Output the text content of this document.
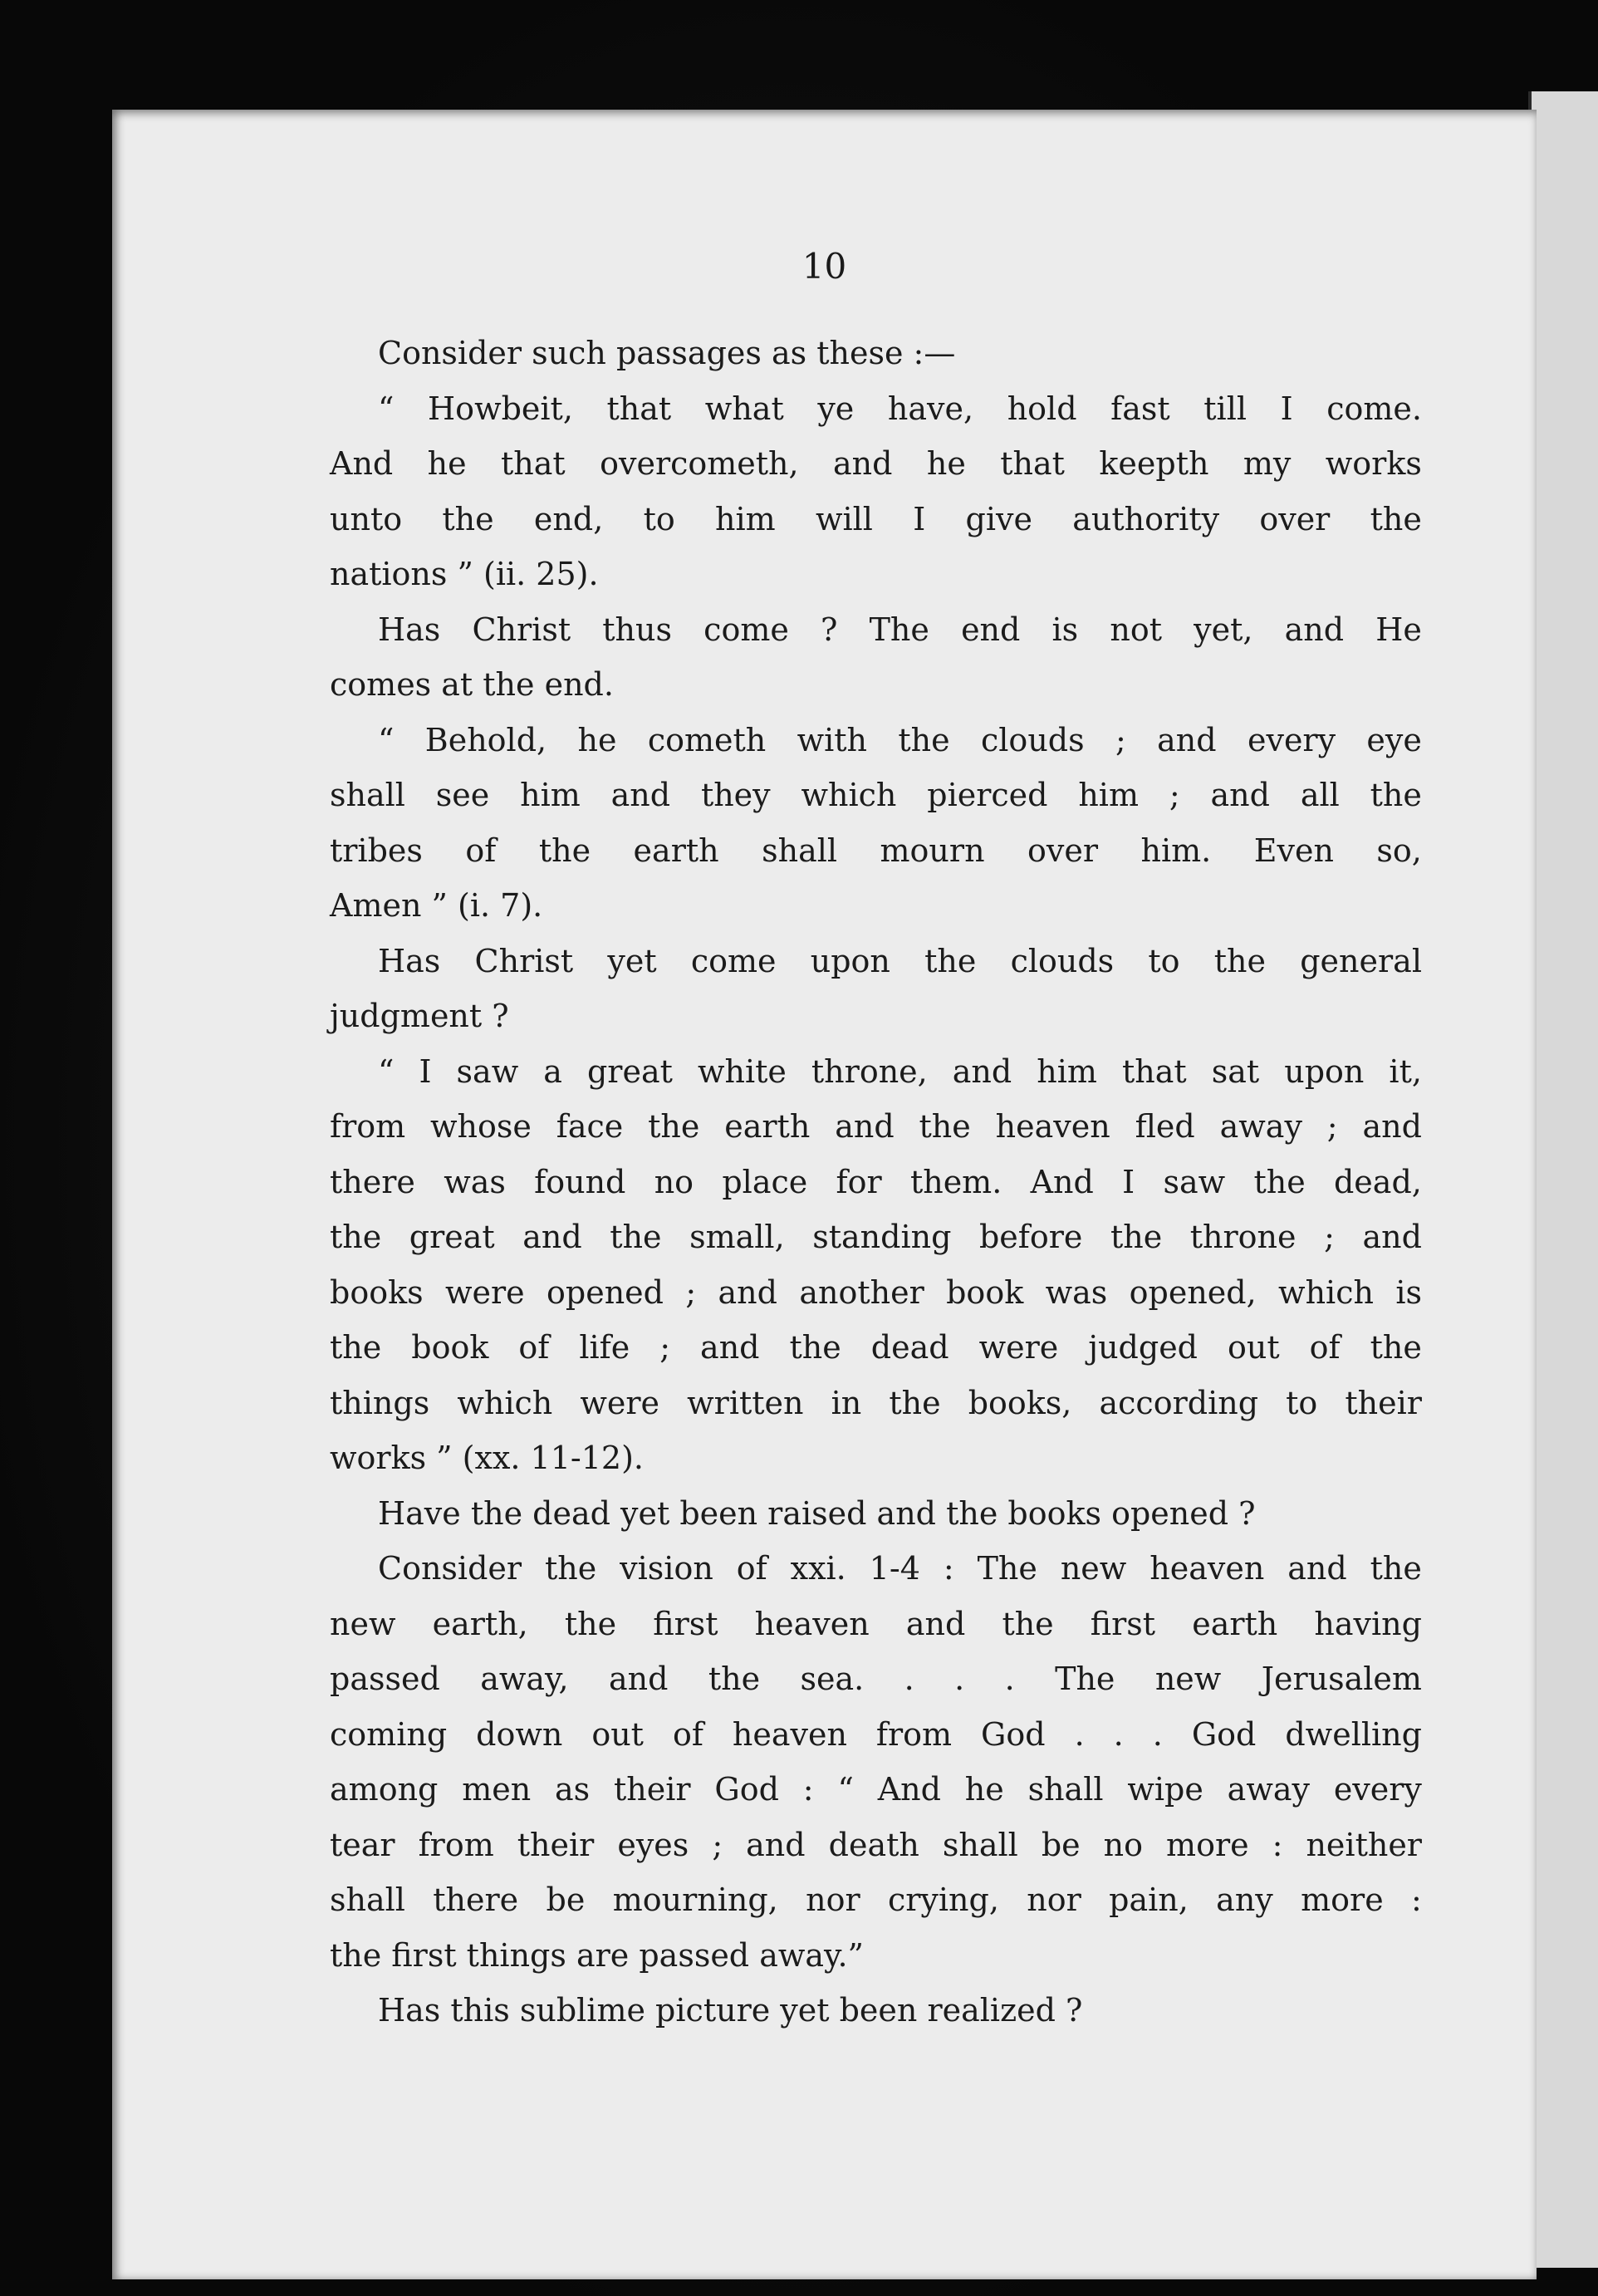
10
Consider such passages as these :—
“ Howbeit, that what ye have, hold fast till I come.
And he that overcometh, and he that keepth my works
unto the end, to him will I give authority over the
nations ” (ii. 25).
Has Christ thus come ? The end is not yet, and He
comes at the end.
“ Behold, he cometh with the clouds ; and every eye
shall see him and they which pierced him ; and all the
tribes of the earth shall mourn over him. Even so,
Amen ” (i. 7).
Has Christ yet come upon the clouds to the general
judgment ?
“ I saw a great white throne, and him that sat upon it,
from whose face the earth and the heaven fled away ; and
there was found no place for them. And I saw the dead,
the great and the small, standing before the throne ; and
books were opened ; and another book was opened, which is
the book of life ; and the dead were judged out of the
things which were written in the books, according to their
works ” (xx. 11-12).
Have the dead yet been raised and the books opened ?
Consider the vision of xxi. 1-4 : The new heaven and the
new earth, the first heaven and the first earth having
passed away, and the sea. . . . The new Jerusalem
coming down out of heaven from God . . . God dwelling
among men as their God : “ And he shall wipe away every
tear from their eyes ; and death shall be no more : neither
shall there be mourning, nor crying, nor pain, any more :
the first things are passed away.”
Has this sublime picture yet been realized ?
